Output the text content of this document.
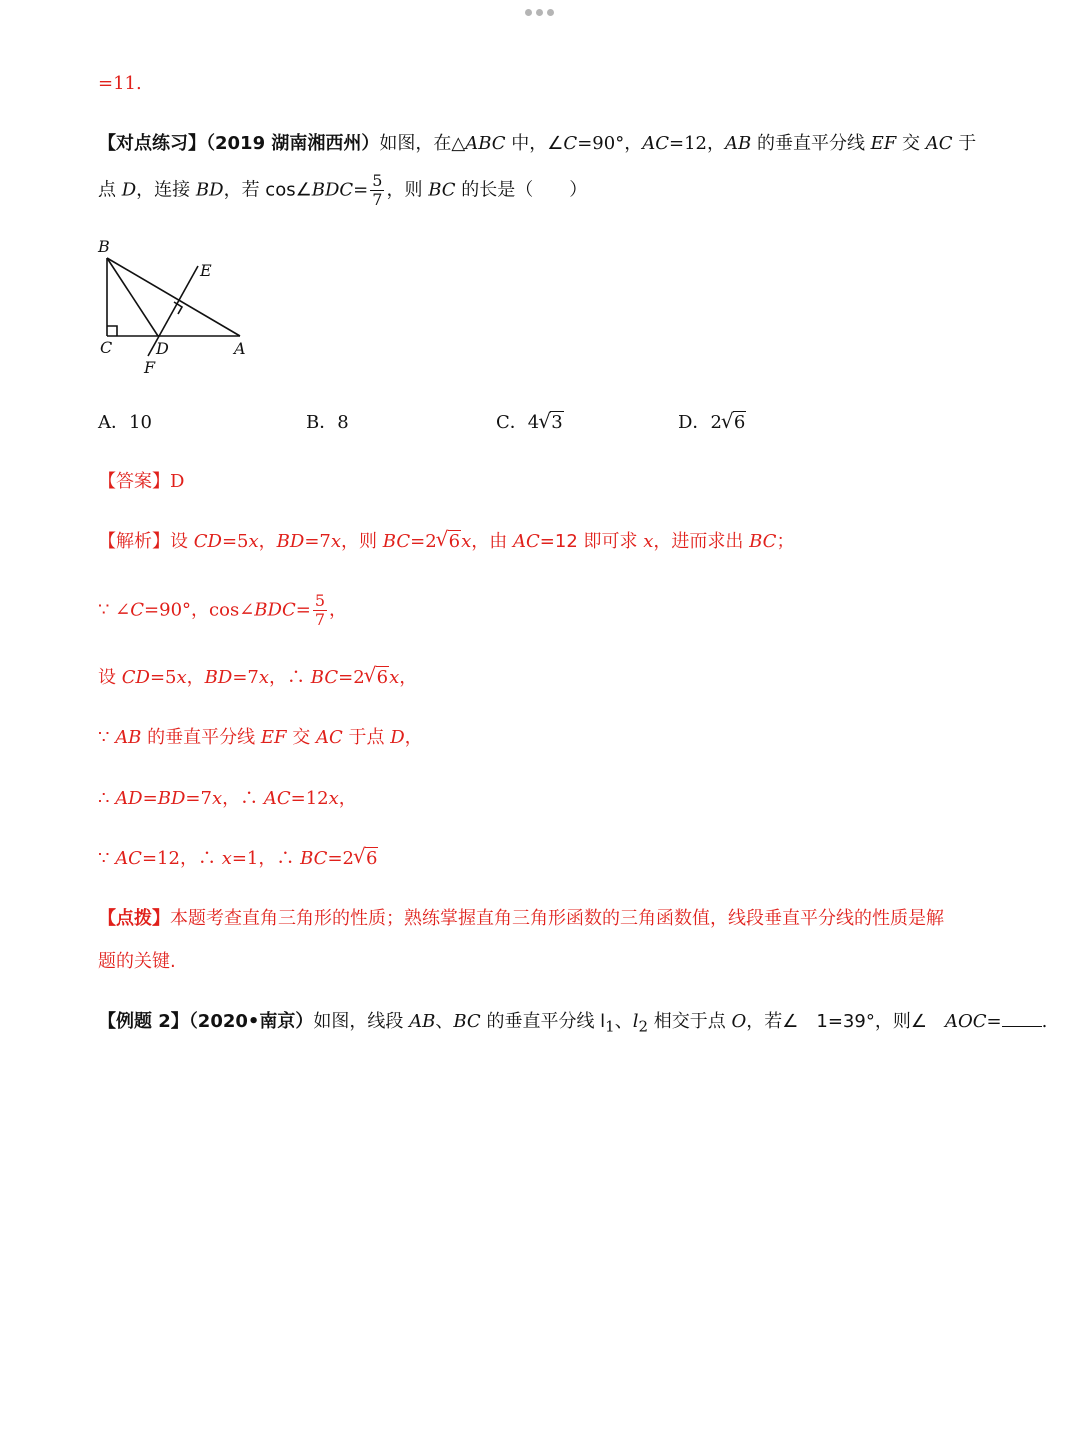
=11.
【对点练习】（2019 湖南湘西州）如图，在△ABC 中，∠C=90°，AC=12，AB 的垂直平分线 EF 交 AC 于
点 D，连接 BD，若 cos∠BDC= $\frac{5}{7}$ ，则 BC 的长是（　　）
B
E
C	D	A
F
A．10	B．8	C．4 √ 3	D．2 √ 6
【答案】D
【解析】设 CD=5x，BD=7x，则 BC=2 √ 6x，由 AC=12 即可求 x，进而求出 BC；
∵ ∠C=90°，cos∠BDC= $\frac{5}{7}$ ，
设 CD=5x，BD=7x，∴ BC=2 √ 6x，
∵ AB 的垂直平分线 EF 交 AC 于点 D，
∴ AD=BD=7x，∴ AC=12x，
∵ AC=12，∴ x=1，∴ BC=2 √ 6
【点拨】本题考查直角三角形的性质；熟练掌握直角三角形函数的三角函数值，线段垂直平分线的性质是解
题的关键.
【例题 2】（2020•南京）如图，线段 AB、BC 的垂直平分线 $l_1$、$l_2$ 相交于点 O，若∠　1=39°，则∠　AOC= .
